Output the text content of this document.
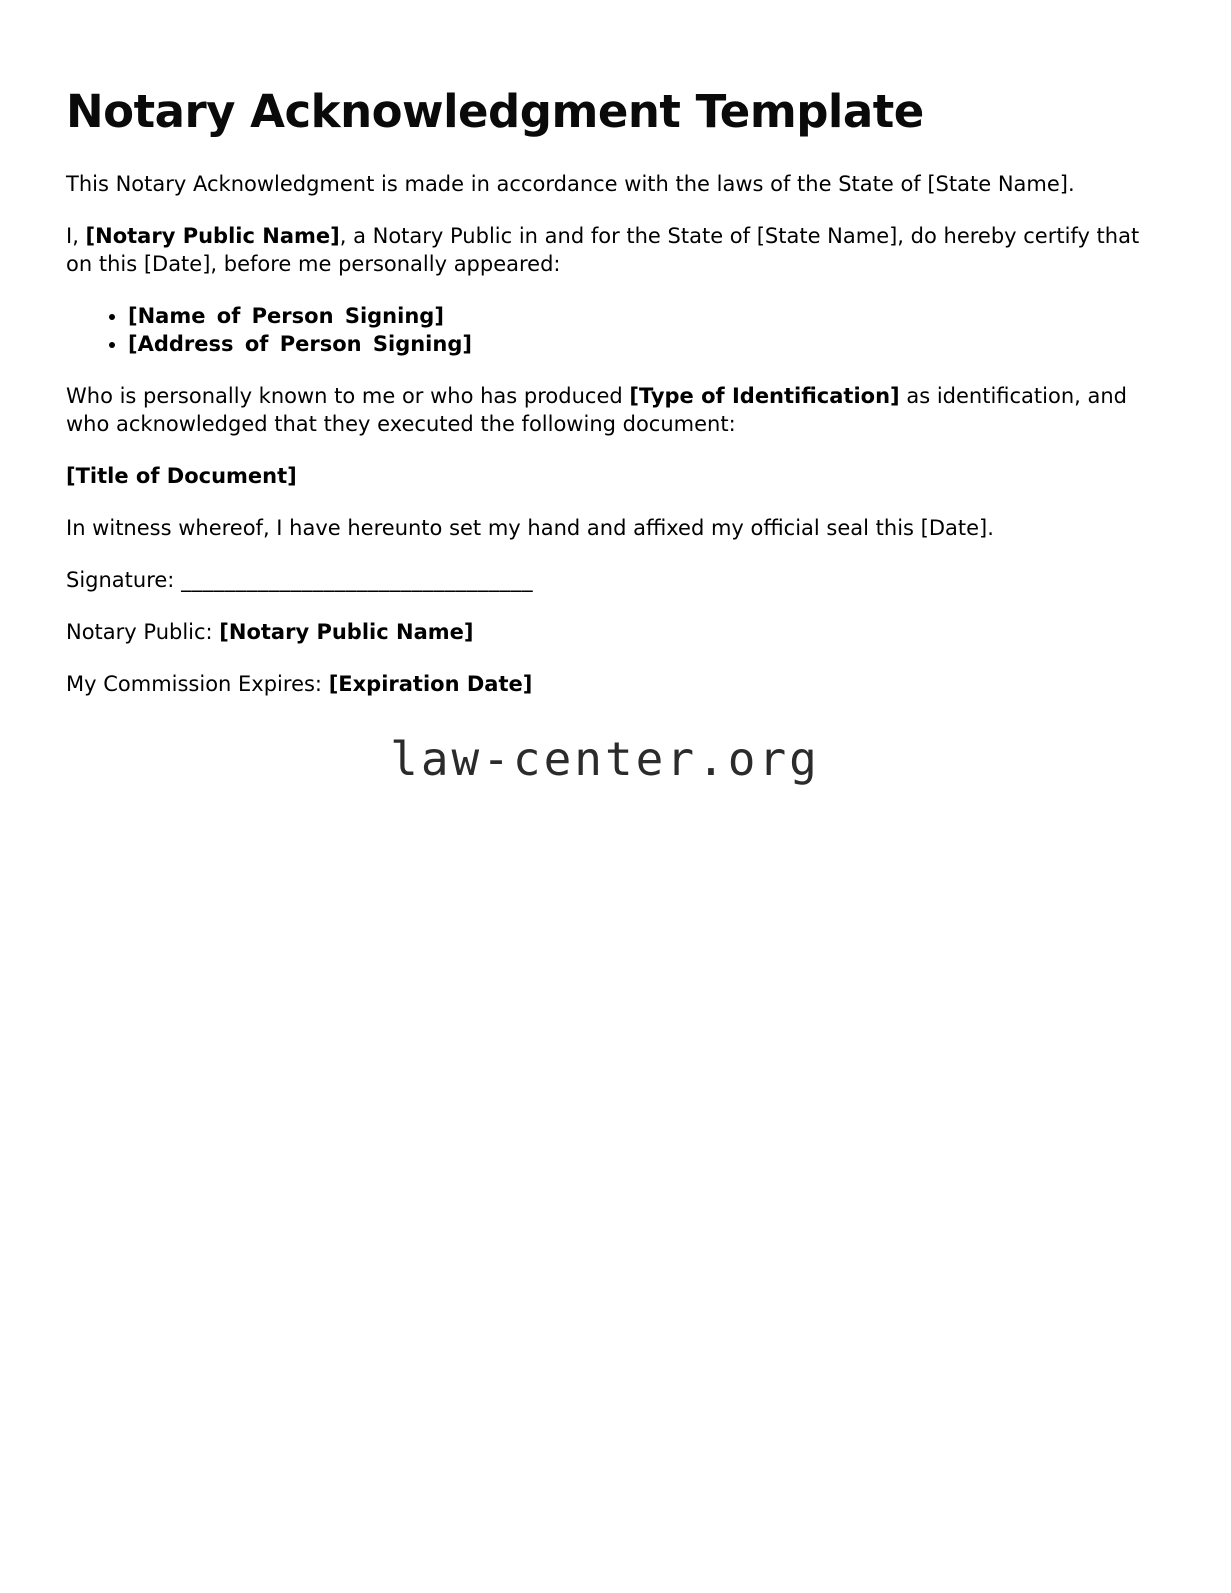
Notary Acknowledgment Template

This Notary Acknowledgment is made in accordance with the laws of the State of [State Name].

I, [Notary Public Name], a Notary Public in and for the State of [State Name], do hereby certify that on this [Date], before me personally appeared:

• [Name of Person Signing]
• [Address of Person Signing]

Who is personally known to me or who has produced [Type of Identification] as identification, and who acknowledged that they executed the following document:

[Title of Document]

In witness whereof, I have hereunto set my hand and affixed my official seal this [Date].

Signature: ________________________________

Notary Public: [Notary Public Name]

My Commission Expires: [Expiration Date]

law-center.org
